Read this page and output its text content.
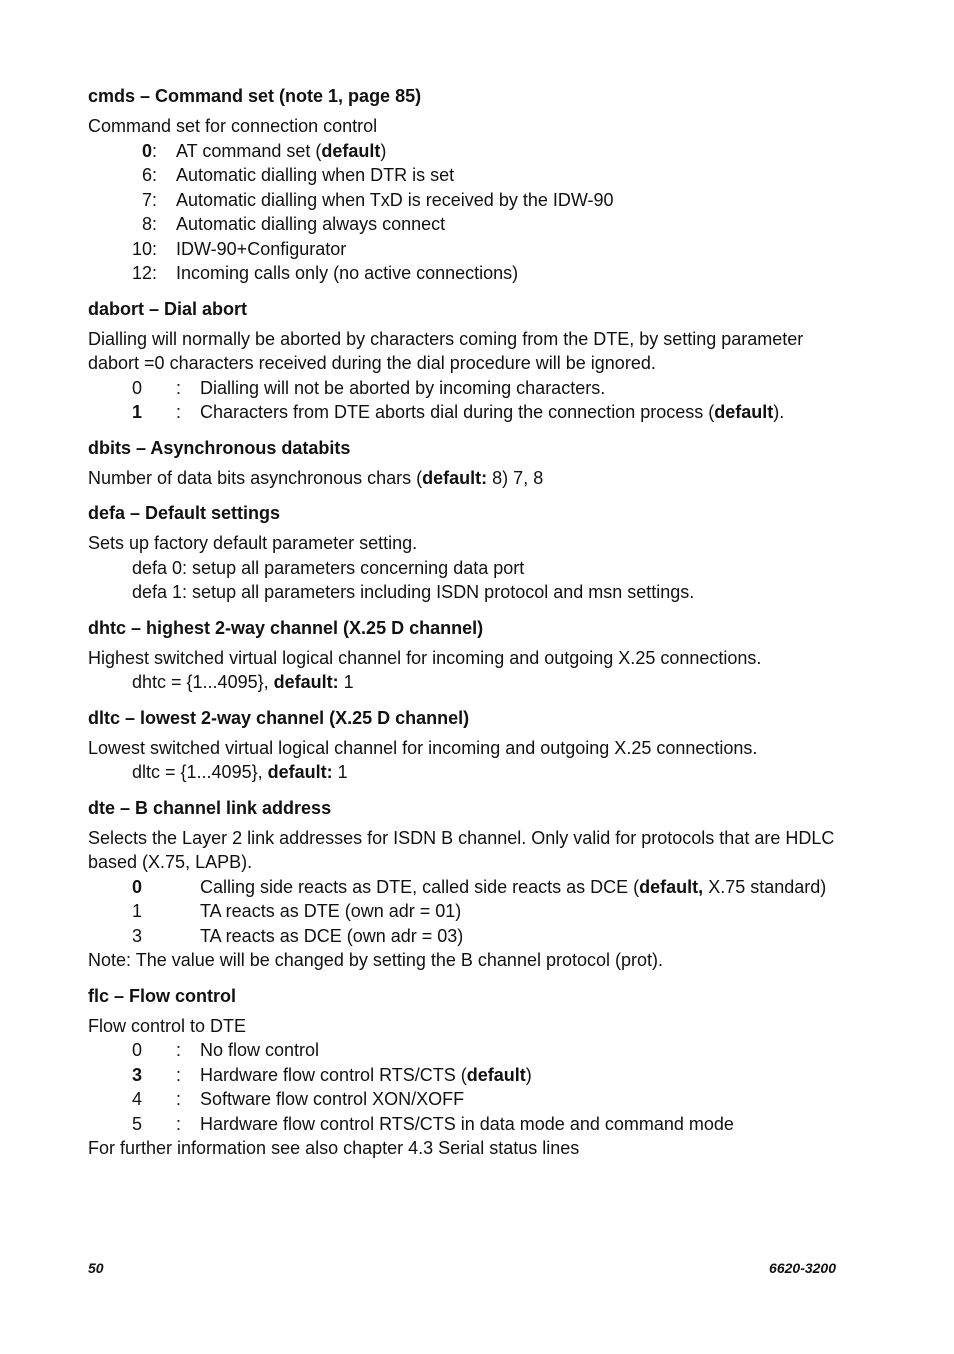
cmds – Command set (note 1, page 85)

Command set for connection control

0 :	AT command set (default)
6 :	Automatic dialling when DTR is set
7 :	Automatic dialling when TxD is received by the IDW-90
8 :	Automatic dialling always connect
10 :	IDW-90+Configurator
12 :	Incoming calls only (no active connections)
dabort – Dial abort

Dialling will normally be aborted by characters coming from the DTE, by setting parameter dabort =0 characters received during the dial procedure will be ignored.

0	:	Dialling will not be aborted by incoming characters.
1	:	Characters from DTE aborts dial during the connection process (default).
dbits – Asynchronous databits

Number of data bits asynchronous chars (default: 8) 7, 8

defa – Default settings

Sets up factory default parameter setting.

defa 0: setup all parameters concerning data port
defa 1: setup all parameters including ISDN protocol and msn settings.
dhtc – highest 2-way channel (X.25 D channel)

Highest switched virtual logical channel for incoming and outgoing X.25 connections.

dhtc = {1...4095}, default: 1
dltc – lowest 2-way channel (X.25 D channel)

Lowest switched virtual logical channel for incoming and outgoing X.25 connections.

dltc = {1...4095}, default: 1
dte – B channel link address

Selects the Layer 2 link addresses for ISDN B channel. Only valid for protocols that are HDLC based (X.75, LAPB).

0	Calling side reacts as DTE, called side reacts as DCE (default, X.75 standard)
1	TA reacts as DTE (own adr = 01)
3	TA reacts as DCE (own adr = 03)

Note: The value will be changed by setting the B channel protocol (prot).

flc – Flow control

Flow control to DTE

0	:	No flow control
3	:	Hardware flow control RTS/CTS (default)
4	:	Software flow control XON/XOFF
5	:	Hardware flow control RTS/CTS in data mode and command mode

For further information see also chapter 4.3 Serial status lines

50	6620-3200
